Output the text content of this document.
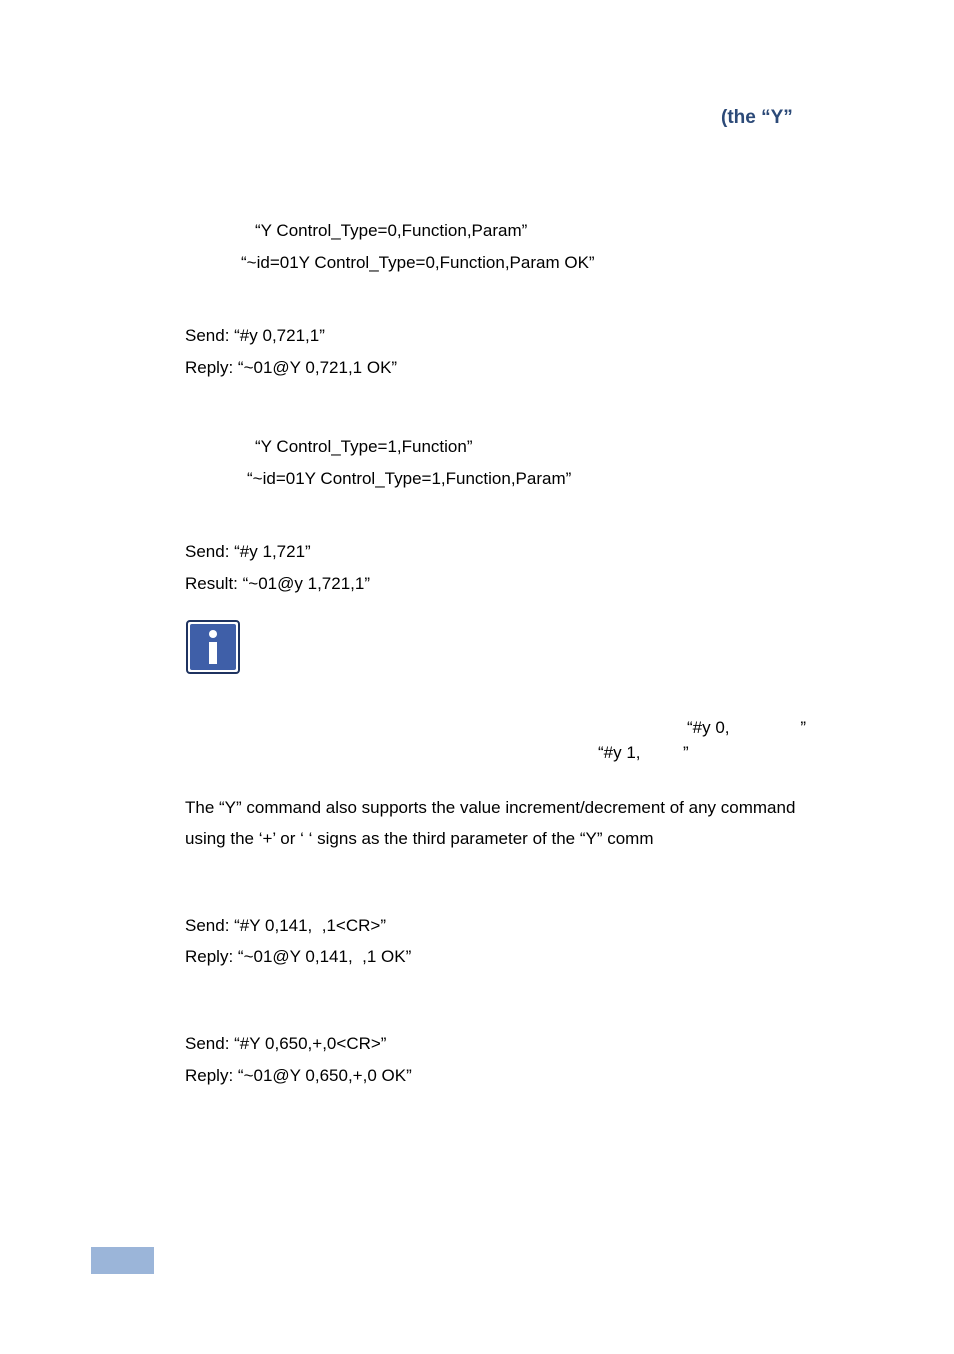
(the “Y”
“Y Control_Type=0,Function,Param”
“~id=01Y Control_Type=0,Function,Param OK”
Send: “#y 0,721,1”
Reply: “~01@Y 0,721,1 OK”
“Y Control_Type=1,Function”
“~id=01Y Control_Type=1,Function,Param”
Send: “#y 1,721”
Result: “~01@y 1,721,1”
“#y 0,               ”
“#y 1,         ”
The “Y” command also supports the value increment/decrement of any command
using the ‘+’ or ‘ ‘ signs as the third parameter of the “Y” comm
Send: “#Y 0,141,  ,1<CR>”
Reply: “~01@Y 0,141,  ,1 OK”
Send: “#Y 0,650,+,0<CR>”
Reply: “~01@Y 0,650,+,0 OK”
